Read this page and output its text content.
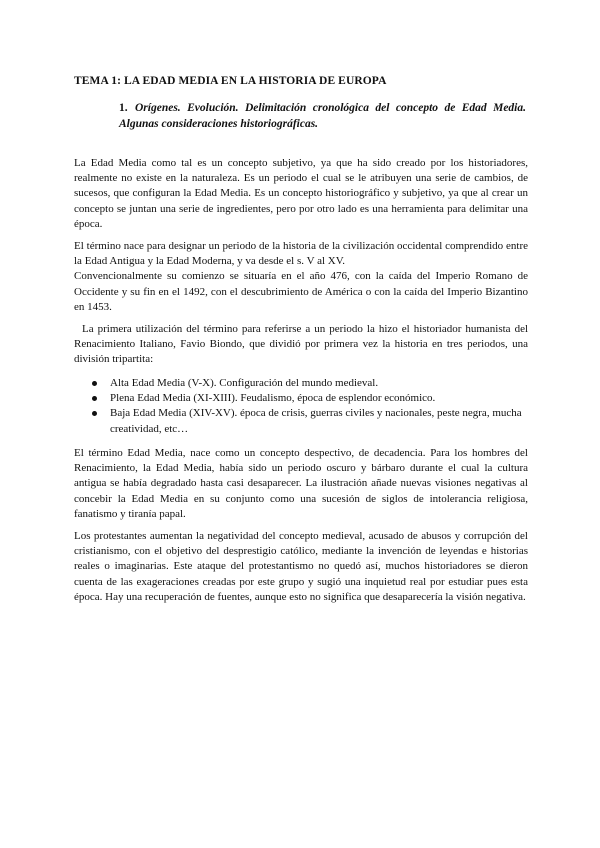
TEMA 1: LA EDAD MEDIA EN LA HISTORIA DE EUROPA

1. Orígenes. Evolución. Delimitación cronológica del concepto de Edad Media. Algunas consideraciones historiográficas.

La Edad Media como tal es un concepto subjetivo, ya que ha sido creado por los historiadores, realmente no existe en la naturaleza. Es un periodo el cual se le atribuyen una serie de cambios, de sucesos, que configuran la Edad Media. Es un concepto historiográfico y subjetivo, ya que al crear un concepto se juntan una serie de ingredientes, pero por otro lado es una herramienta para delimitar una época.

El término nace para designar un periodo de la historia de la civilización occidental comprendido entre la Edad Antigua y la Edad Moderna, y va desde el s. V al XV.
Convencionalmente su comienzo se situaría en el año 476, con la caída del Imperio Romano de Occidente y su fin en el 1492, con el descubrimiento de América o con la caída del Imperio Bizantino en 1453.

La primera utilización del término para referirse a un periodo la hizo el historiador humanista del Renacimiento Italiano, Favio Biondo, que dividió por primera vez la historia en tres periodos, una división tripartita:

Alta Edad Media (V-X). Configuración del mundo medieval.
Plena Edad Media (XI-XIII). Feudalismo, época de esplendor económico.
Baja Edad Media (XIV-XV). época de crisis, guerras civiles y nacionales, peste negra, mucha creatividad, etc…

El término Edad Media, nace como un concepto despectivo, de decadencia. Para los hombres del Renacimiento, la Edad Media, había sido un periodo oscuro y bárbaro durante el cual la cultura antigua se había degradado hasta casi desaparecer. La ilustración añade nuevas visiones negativas al concebir la Edad Media en su conjunto como una sucesión de siglos de intolerancia religiosa, fanatismo y tiranía papal.

Los protestantes aumentan la negatividad del concepto medieval, acusado de abusos y corrupción del cristianismo, con el objetivo del desprestigio católico, mediante la invención de leyendas e historias reales o imaginarias. Este ataque del protestantismo no quedó así, muchos historiadores se dieron cuenta de las exageraciones creadas por este grupo y sugió una inquietud real por estudiar pues esta época. Hay una recuperación de fuentes, aunque esto no significa que desaparecería la visión negativa.
